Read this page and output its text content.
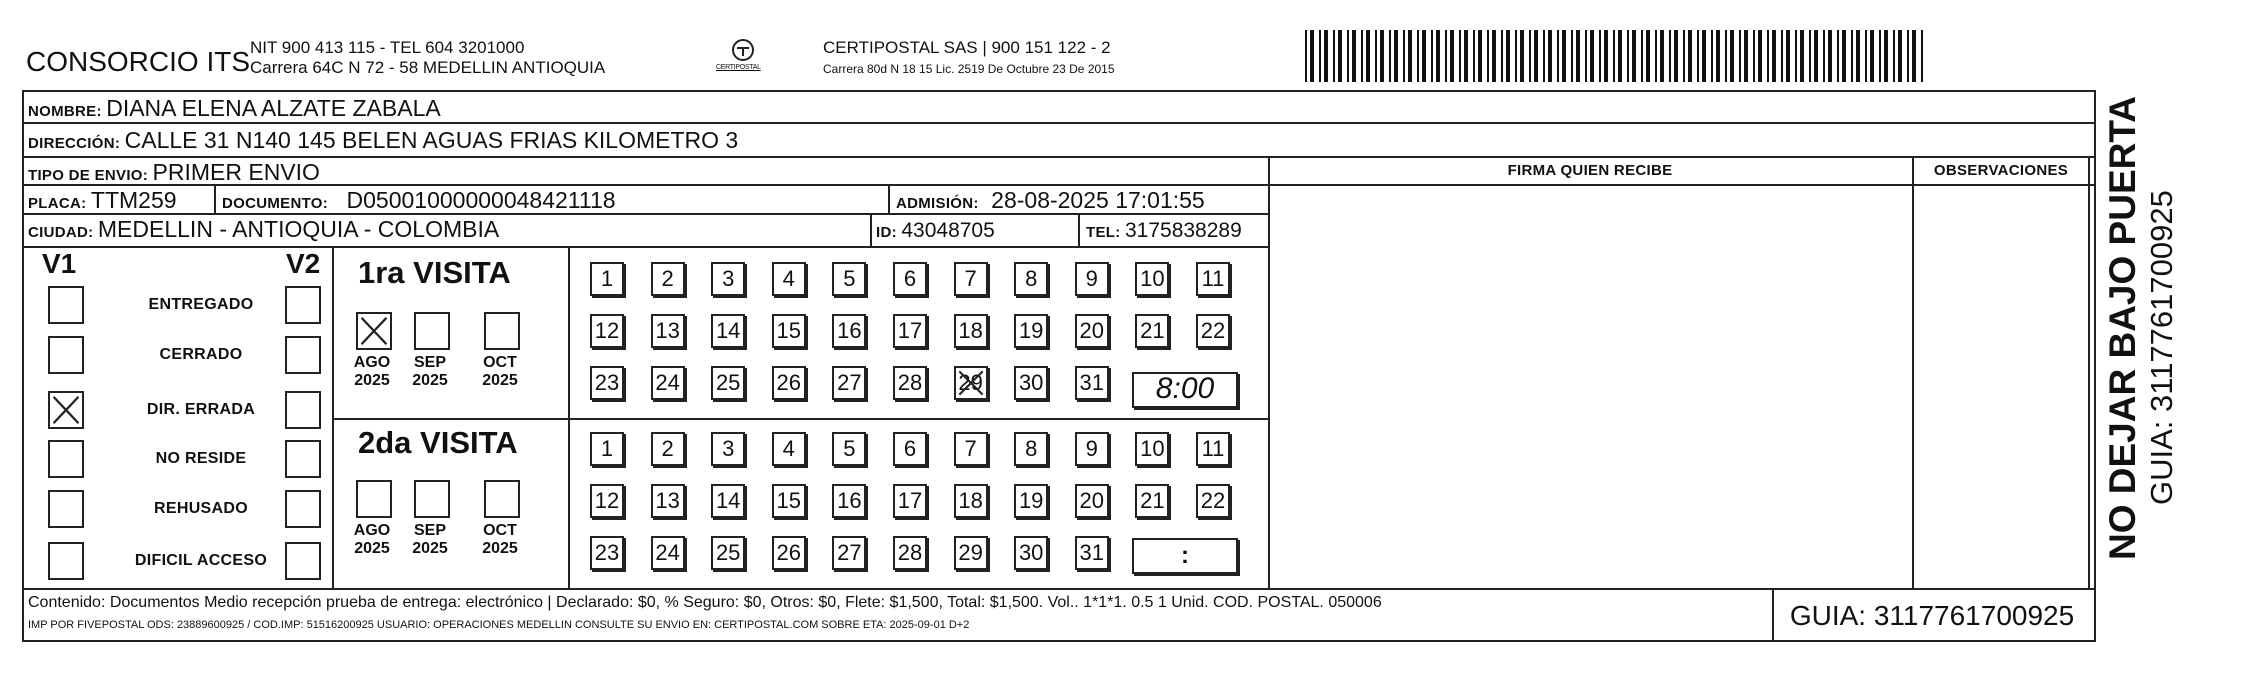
CONSORCIO ITS NIT 900 413 115 - TEL 604 3201000
Carrera 64C N 72 - 58 MEDELLIN ANTIOQUIA	CERTIPOSTAL
CERTIPOSTAL SAS | 900 151 122 - 2
Carrera 80d N 18 15 Lic. 2519 De Octubre 23 De 2015
NOMBRE: DIANA ELENA ALZATE ZABALA
DIRECCIÓN: CALLE 31 N140 145 BELEN AGUAS FRIAS KILOMETRO 3
TIPO DE ENVIO: PRIMER ENVIO
PLACA: TTM259	DOCUMENTO: D05001000000048421118	ADMISIÓN: 28-08-2025 17:01:55
CIUDAD: MEDELLIN - ANTIOQUIA - COLOMBIA	ID: 43048705	TEL: 3175838289
FIRMA QUIEN RECIBE	OBSERVACIONES
V1	V2
ENTREGADO
CERRADO
DIR. ERRADA
NO RESIDE
REHUSADO
DIFICIL ACCESO
1ra VISITA
2da VISITA
AGO
2025
SEP
2025
OCT
2025
AGO
2025
SEP
2025
OCT
2025
1	2	3	4	5	6	7	8	9	10 11
12 13 14 15 16 17 18 19 20 21 22
23 24 25 26 27 28 29 30 31
1	2	3	4	5	6	7	8	9	10 11
12 13 14 15 16 17 18 19 20 21 22
23 24 25 26 27 28 29 30 31
8:00
:
Contenido: Documentos Medio recepción prueba de entrega: electrónico | Declarado: $0, % Seguro: $0, Otros: $0, Flete: $1,500, Total: $1,500. Vol.. 1*1*1. 0.5 1 Unid. COD. POSTAL. 050006
IMP POR FIVEPOSTAL ODS: 23889600925 / COD.IMP: 51516200925 USUARIO: OPERACIONES MEDELLIN CONSULTE SU ENVIO EN: CERTIPOSTAL.COM SOBRE ETA: 2025-09-01 D+2	GUIA: 3117761700925
NO DEJAR BAJO PUERTA GUIA: 3117761700925
